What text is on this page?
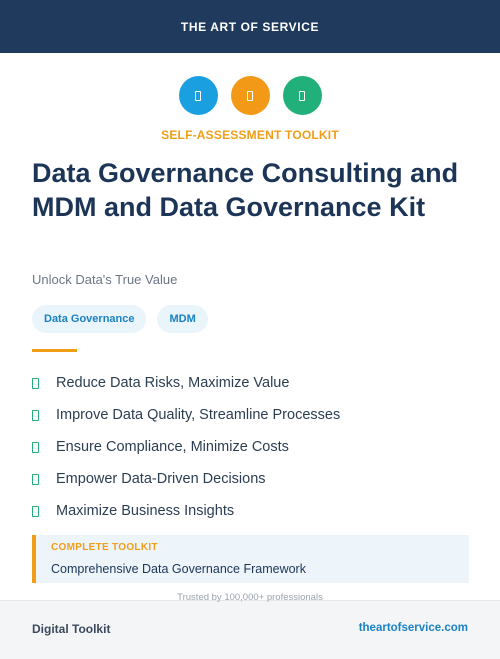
THE ART OF SERVICE
SELF-ASSESSMENT TOOLKIT
Data Governance Consulting and MDM and Data Governance Kit
Unlock Data's True Value
Data Governance	MDM
Reduce Data Risks, Maximize Value
Improve Data Quality, Streamline Processes
Ensure Compliance, Minimize Costs
Empower Data-Driven Decisions
Maximize Business Insights
COMPLETE TOOLKIT
Comprehensive Data Governance Framework
Trusted by 100,000+ professionals
Digital Toolkit	theartofservice.com
